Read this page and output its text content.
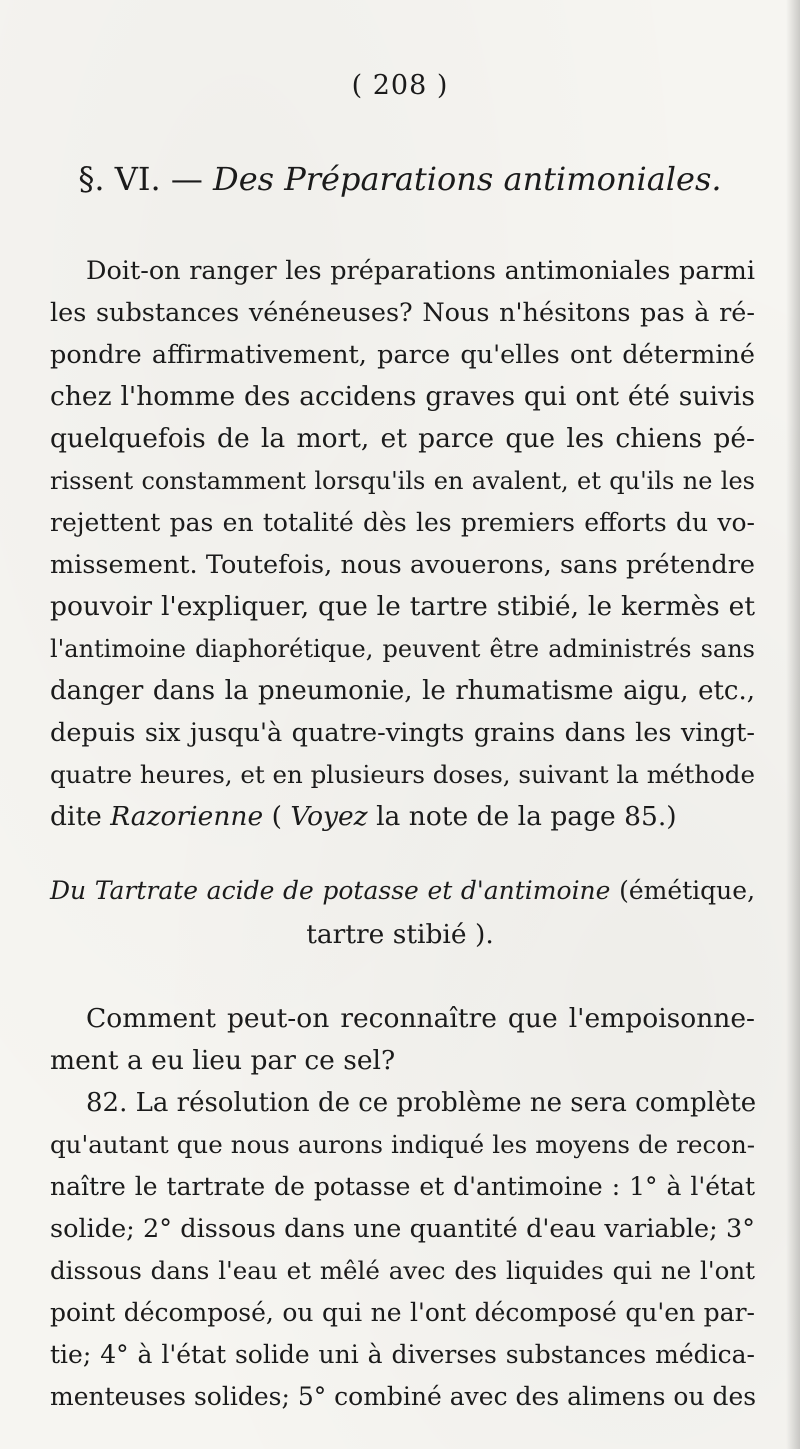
( 208 )
§. VI. — Des Préparations antimoniales.
Doit-on ranger les préparations antimoniales parmi
les substances vénéneuses? Nous n'hésitons pas à ré-
pondre affirmativement, parce qu'elles ont déterminé
chez l'homme des accidens graves qui ont été suivis
quelquefois de la mort, et parce que les chiens pé-
rissent constamment lorsqu'ils en avalent, et qu'ils ne les
rejettent pas en totalité dès les premiers efforts du vo-
missement. Toutefois, nous avouerons, sans prétendre
pouvoir l'expliquer, que le tartre stibié, le kermès et
l'antimoine diaphorétique, peuvent être administrés sans
danger dans la pneumonie, le rhumatisme aigu, etc.,
depuis six jusqu'à quatre-vingts grains dans les vingt-
quatre heures, et en plusieurs doses, suivant la méthode
dite Razorienne ( Voyez la note de la page 85.)
Du Tartrate acide de potasse et d'antimoine (émétique,
tartre stibié ).
Comment peut-on reconnaître que l'empoisonne-
ment a eu lieu par ce sel?
82. La résolution de ce problème ne sera complète
qu'autant que nous aurons indiqué les moyens de recon-
naître le tartrate de potasse et d'antimoine : 1° à l'état
solide; 2° dissous dans une quantité d'eau variable; 3°
dissous dans l'eau et mêlé avec des liquides qui ne l'ont
point décomposé, ou qui ne l'ont décomposé qu'en par-
tie; 4° à l'état solide uni à diverses substances médica-
menteuses solides; 5° combiné avec des alimens ou des
